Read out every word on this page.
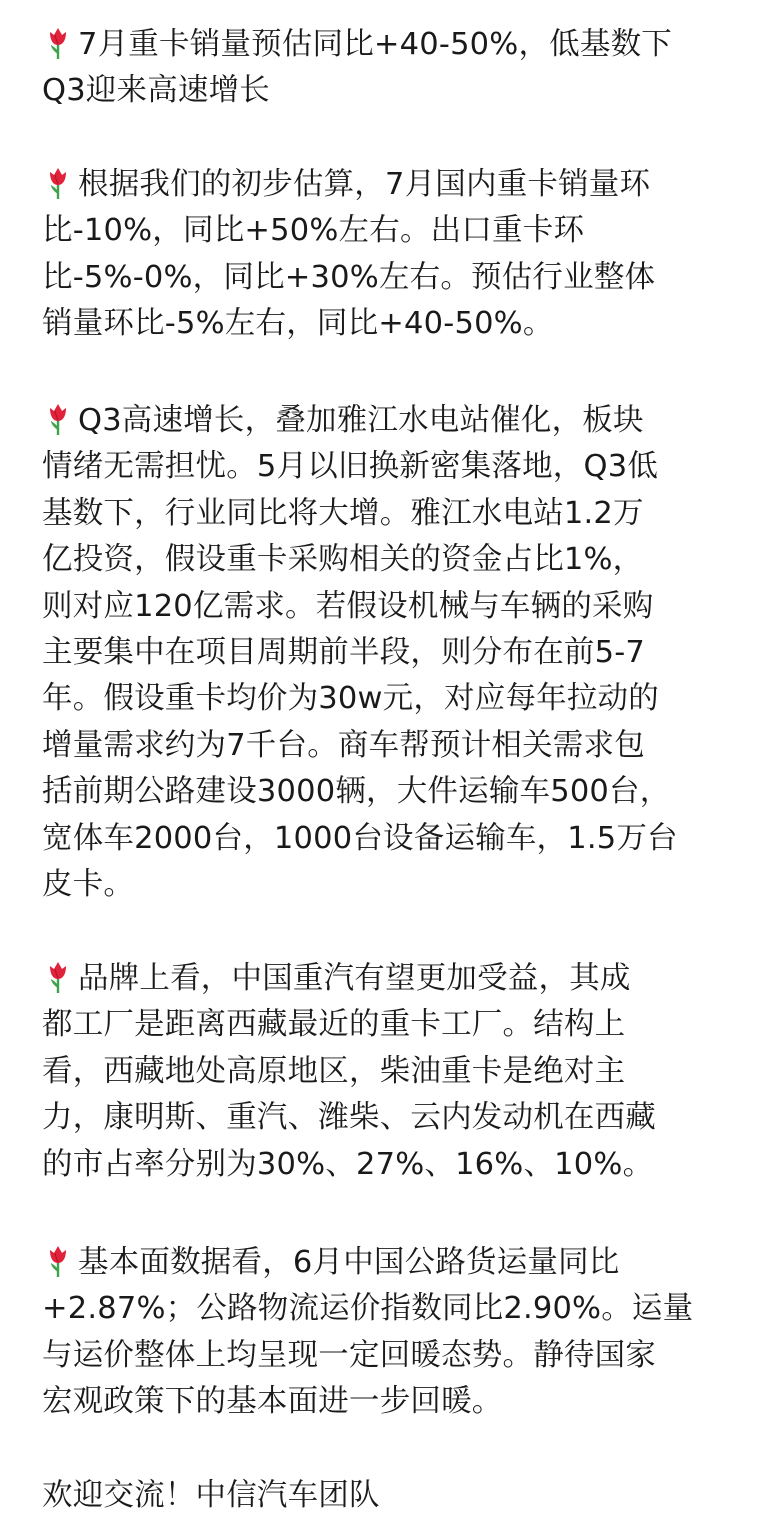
7月重卡销量预估同比+40-50%，低基数下
Q3迎来高速增长
根据我们的初步估算，7月国内重卡销量环
比-10%，同比+50%左右。出口重卡环
比-5%-0%，同比+30%左右。预估行业整体
销量环比-5%左右，同比+40-50%。
Q3高速增长，叠加雅江水电站催化，板块
情绪无需担忧。5月以旧换新密集落地，Q3低
基数下，行业同比将大增。雅江水电站1.2万
亿投资，假设重卡采购相关的资金占比1%，
则对应120亿需求。若假设机械与车辆的采购
主要集中在项目周期前半段，则分布在前5-7
年。假设重卡均价为30w元，对应每年拉动的
增量需求约为7千台。商车帮预计相关需求包
括前期公路建设3000辆，大件运输车500台，
宽体车2000台，1000台设备运输车，1.5万台
皮卡。
品牌上看，中国重汽有望更加受益，其成
都工厂是距离西藏最近的重卡工厂。结构上
看，西藏地处高原地区，柴油重卡是绝对主
力，康明斯、重汽、潍柴、云内发动机在西藏
的市占率分别为30%、27%、16%、10%。
基本面数据看，6月中国公路货运量同比
+2.87%；公路物流运价指数同比2.90%。运量
与运价整体上均呈现一定回暖态势。静待国家
宏观政策下的基本面进一步回暖。
欢迎交流！中信汽车团队
